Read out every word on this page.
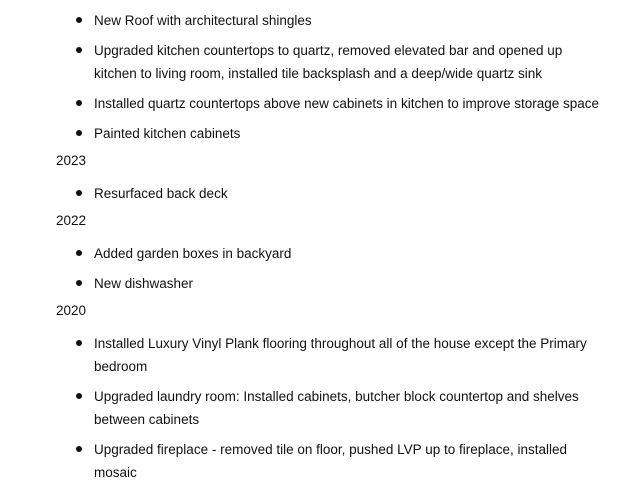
New Roof with architectural shingles
Upgraded kitchen countertops to quartz, removed elevated bar and opened up kitchen to living room, installed tile backsplash and a deep/wide quartz sink
Installed quartz countertops above new cabinets in kitchen to improve storage space
Painted kitchen cabinets
2023
Resurfaced back deck
2022
Added garden boxes in backyard
New dishwasher
2020
Installed Luxury Vinyl Plank flooring throughout all of the house except the Primary bedroom
Upgraded laundry room: Installed cabinets, butcher block countertop and shelves between cabinets
Upgraded fireplace - removed tile on floor, pushed LVP up to fireplace, installed mosaic
